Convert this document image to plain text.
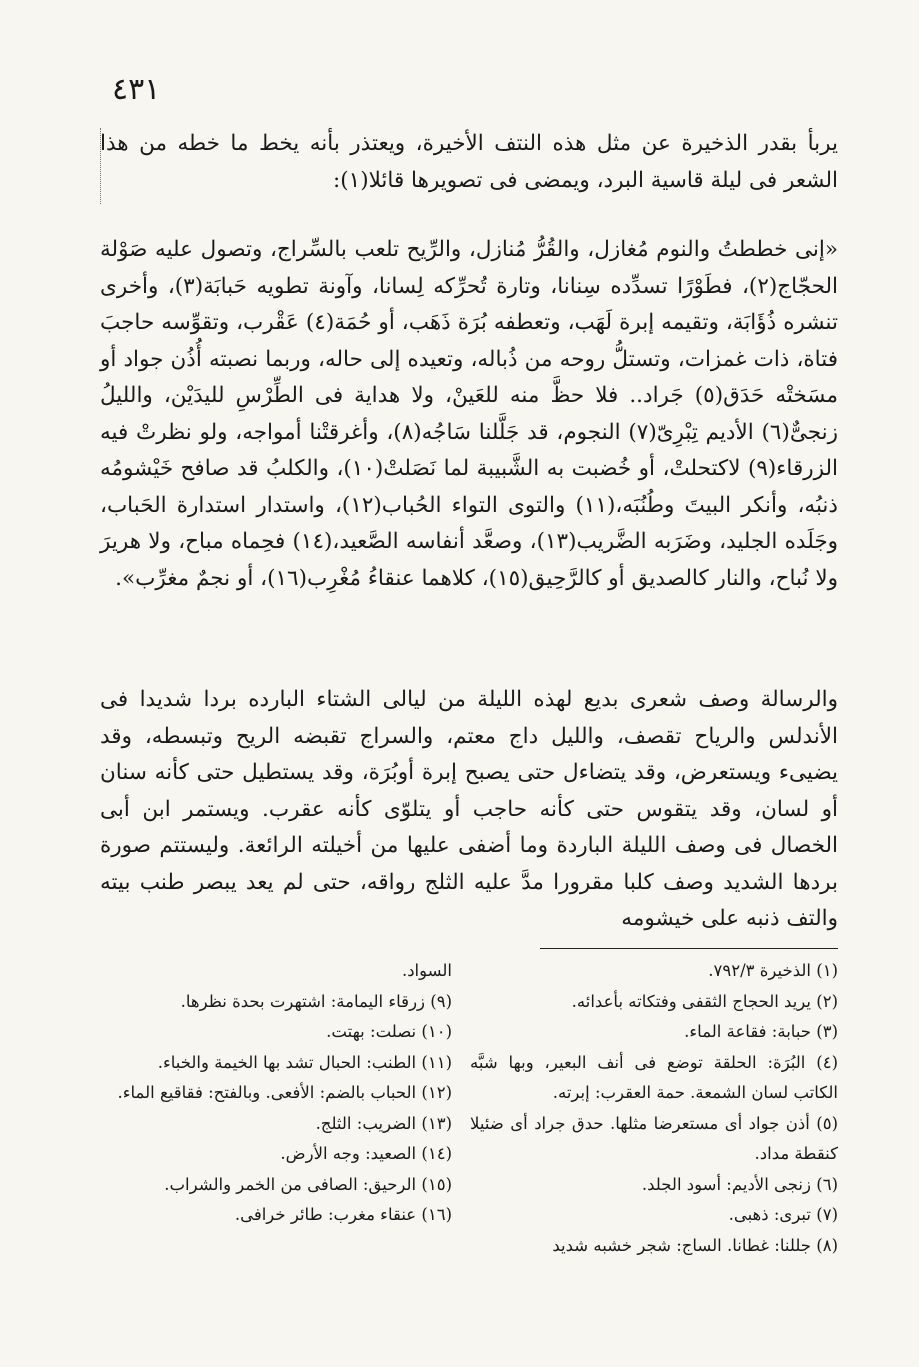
٤٣١

يربأ بقدر الذخيرة عن مثل هذه النتف الأخيرة، ويعتذر بأنه يخط ما خطه من هذا الشعر فى ليلة قاسية البرد، ويمضى فى تصويرها قائلا(١):

«إنى خططتُ والنوم مُغازل، والقُرُّ مُنازل، والرِّيح تلعب بالسِّراج، وتصول عليه صَوْلة الحجّاج(٢)، فطَوْرًا تسدِّده سِنانا، وتارة تُحرِّكه لِسانا، وآونة تطويه حَبابَة(٣)، وأخرى تنشره ذُؤَابَة، وتقيمه إبرة لَهَب، وتعطفه بُرَة ذَهَب، أو حُمَة(٤) عَقْرب، وتقوِّسه حاجبَ فتاة، ذات غمزات، وتستلُّ روحه من ذُباله، وتعيده إلى حاله، وربما نصبته أُذُن جواد أو مسَختْه حَدَق(٥) جَراد.. فلا حظَّ منه للعَينْ، ولا هداية فى الطِّرْسِ لليدَيْن، والليلُ زنجىٌّ(٦) الأديم تِبْرِىّ(٧) النجوم، قد جَلَّلنا سَاجُه(٨)، وأغرقتْنا أمواجه، ولو نظرتْ فيه الزرقاء(٩) لاكتحلتْ، أو خُضبت به الشَّبيبة لما نَصَلتْ(١٠)، والكلبُ قد صافح خَيْشومُه ذنبُه، وأنكر البيتَ وطُنُبَه،(١١) والتوى التواء الحُباب(١٢)، واستدار استدارة الحَباب، وجَلَده الجليد، وضَرَبه الضَّريب(١٣)، وصعَّد أنفاسه الصَّعيد،(١٤) فحِماه مباح، ولا هريرَ ولا نُباح، والنار كالصديق أو كالرَّحِيق(١٥)، كلاهما عنقاءُ مُغْرِب(١٦)، أو نجمٌ مغرِّب».

والرسالة وصف شعرى بديع لهذه الليلة من ليالى الشتاء البارده بردا شديدا فى الأندلس والرياح تقصف، والليل داج معتم، والسراج تقبضه الريح وتبسطه، وقد يضيىء ويستعرض، وقد يتضاءل حتى يصبح إبرة أوبُرَة، وقد يستطيل حتى كأنه سنان أو لسان، وقد يتقوس حتى كأنه حاجب أو يتلوّى كأنه عقرب. ويستمر ابن أبى الخصال فى وصف الليلة الباردة وما أضفى عليها من أخيلته الرائعة. وليستتم صورة بردها الشديد وصف كلبا مقرورا مدَّ عليه الثلج رواقه، حتى لم يعد يبصر طنب بيته والتف ذنبه على خيشومه

(١) الذخيرة ٧٩٢/٣.

(٢) يريد الحجاج الثقفى وفتكاته بأعدائه.

(٣) حبابة: فقاعة الماء.

(٤) البُرَة: الحلقة توضع فى أنف البعير، وبها شبَّه الكاتب لسان الشمعة. حمة العقرب: إبرته.

(٥) أذن جواد أى مستعرضا مثلها. حدق جراد أى ضئيلا كنقطة مداد.

(٦) زنجى الأديم: أسود الجلد.

(٧) تبرى: ذهبى.

(٨) جللنا: غطانا. الساج: شجر خشبه شديد

السواد.

(٩) زرقاء اليمامة: اشتهرت بحدة نظرها.

(١٠) نصلت: بهتت.

(١١) الطنب: الحبال تشد بها الخيمة والخباء.

(١٢) الحباب بالضم: الأفعى. وبالفتح: فقاقيع الماء.

(١٣) الضريب: الثلج.

(١٤) الصعيد: وجه الأرض.

(١٥) الرحيق: الصافى من الخمر والشراب.

(١٦) عنقاء مغرب: طائر خرافى.
